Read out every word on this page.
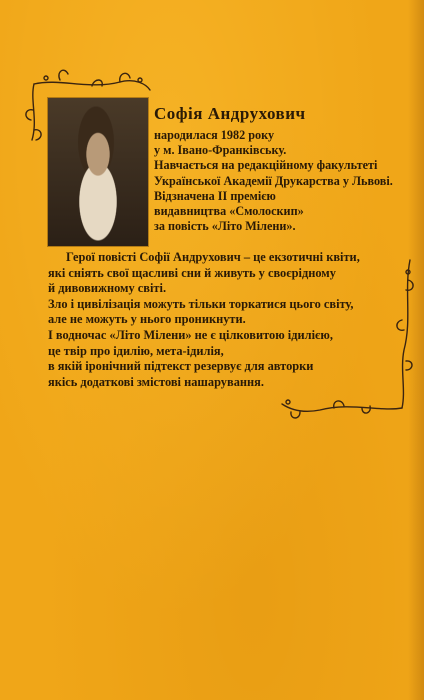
Софія Андрухович
народилася 1982 року
у м. Івано-Франківську.
Навчається на редакційному факультеті
Української Академії Друкарства у Львові.
Відзначена II премією
видавництва «Смолоскип»
за повість «Літо Мілени».
Герої повісті Софії Андрухович – це екзотичні квіти,
які сніять свої щасливі сни й живуть у своєрідному
й дивовижному світі.
Зло і цивілізація можуть тільки торкатися цього світу,
але не можуть у нього проникнути.
І водночас «Літо Мілени» не є цілковитою ідилією,
це твір про ідилію, мета-ідилія,
в якій іронічний підтекст резервує для авторки
якісь додаткові змістові нашарування.
